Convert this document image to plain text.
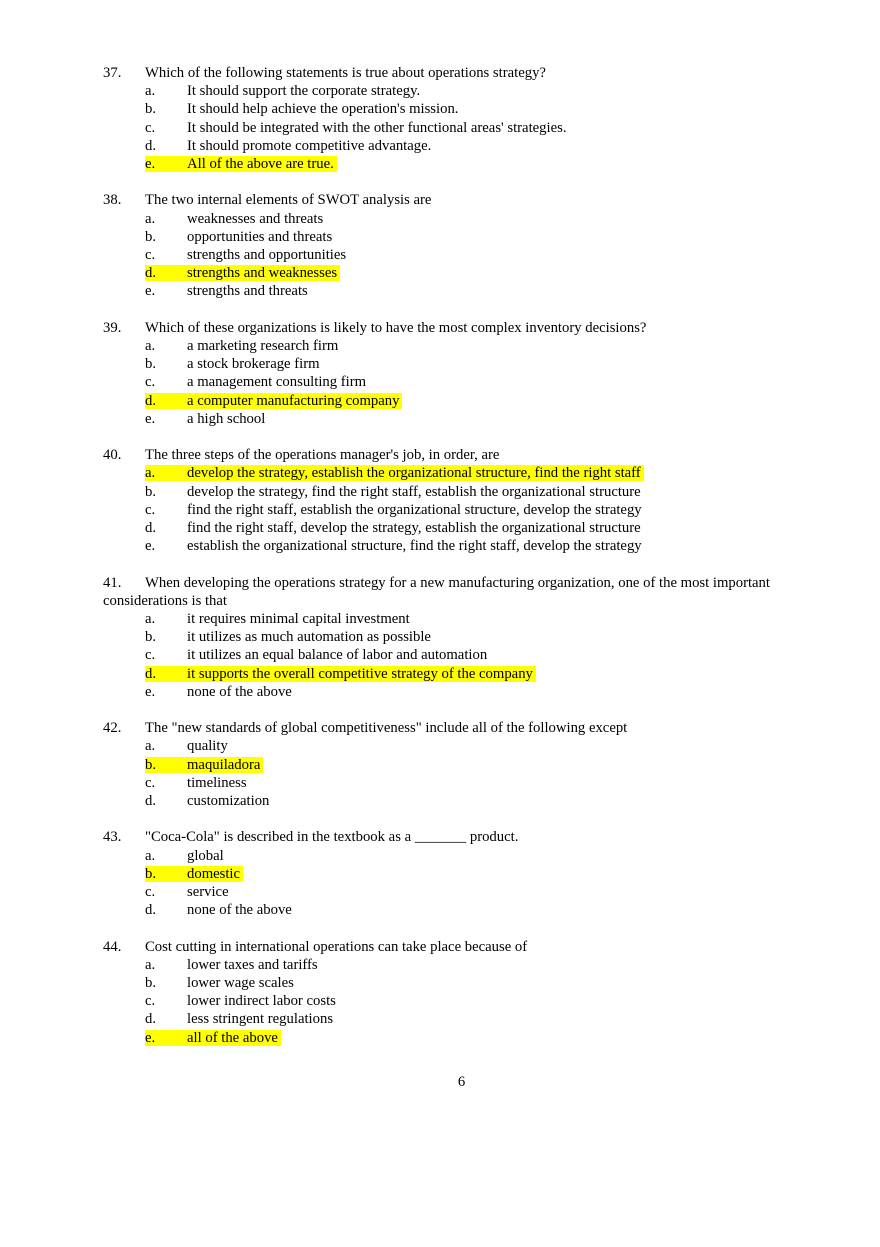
37. Which of the following statements is true about operations strategy?
a. It should support the corporate strategy.
b. It should help achieve the operation's mission.
c. It should be integrated with the other functional areas' strategies.
d. It should promote competitive advantage.
e. All of the above are true.
38. The two internal elements of SWOT analysis are
a. weaknesses and threats
b. opportunities and threats
c. strengths and opportunities
d. strengths and weaknesses
e. strengths and threats
39. Which of these organizations is likely to have the most complex inventory decisions?
a. a marketing research firm
b. a stock brokerage firm
c. a management consulting firm
d. a computer manufacturing company
e. a high school
40. The three steps of the operations manager's job, in order, are
a. develop the strategy, establish the organizational structure, find the right staff
b. develop the strategy, find the right staff, establish the organizational structure
c. find the right staff, establish the organizational structure, develop the strategy
d. find the right staff, develop the strategy, establish the organizational structure
e. establish the organizational structure, find the right staff, develop the strategy
41. When developing the operations strategy for a new manufacturing organization, one of the most important considerations is that
a. it requires minimal capital investment
b. it utilizes as much automation as possible
c. it utilizes an equal balance of labor and automation
d. it supports the overall competitive strategy of the company
e. none of the above
42. The "new standards of global competitiveness" include all of the following except
a. quality
b. maquiladora
c. timeliness
d. customization
43. "Coca-Cola" is described in the textbook as a _______ product.
a. global
b. domestic
c. service
d. none of the above
44. Cost cutting in international operations can take place because of
a. lower taxes and tariffs
b. lower wage scales
c. lower indirect labor costs
d. less stringent regulations
e. all of the above
6
